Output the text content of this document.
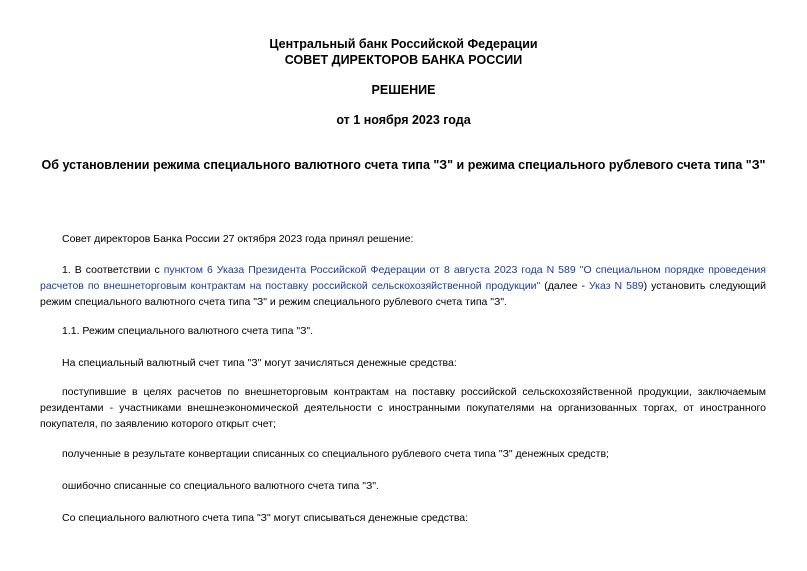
Центральный банк Российской Федерации
СОВЕТ ДИРЕКТОРОВ БАНКА РОССИИ
РЕШЕНИЕ
от 1 ноября 2023 года
Об установлении режима специального валютного счета типа "З" и режима специального рублевого счета типа "З"

Совет директоров Банка России 27 октября 2023 года принял решение:

1. В соответствии с пунктом 6 Указа Президента Российской Федерации от 8 августа 2023 года N 589 "О специальном порядке проведения расчетов по внешнеторговым контрактам на поставку российской сельскохозяйственной продукции" (далее - Указ N 589) установить следующий режим специального валютного счета типа "З" и режим специального рублевого счета типа "З".

1.1. Режим специального валютного счета типа "З".

На специальный валютный счет типа "З" могут зачисляться денежные средства:

поступившие в целях расчетов по внешнеторговым контрактам на поставку российской сельскохозяйственной продукции, заключаемым резидентами - участниками внешнеэкономической деятельности с иностранными покупателями на организованных торгах, от иностранного покупателя, по заявлению которого открыт счет;

полученные в результате конвертации списанных со специального рублевого счета типа "З" денежных средств;

ошибочно списанные со специального валютного счета типа "З".

Со специального валютного счета типа "З" могут списываться денежные средства:
